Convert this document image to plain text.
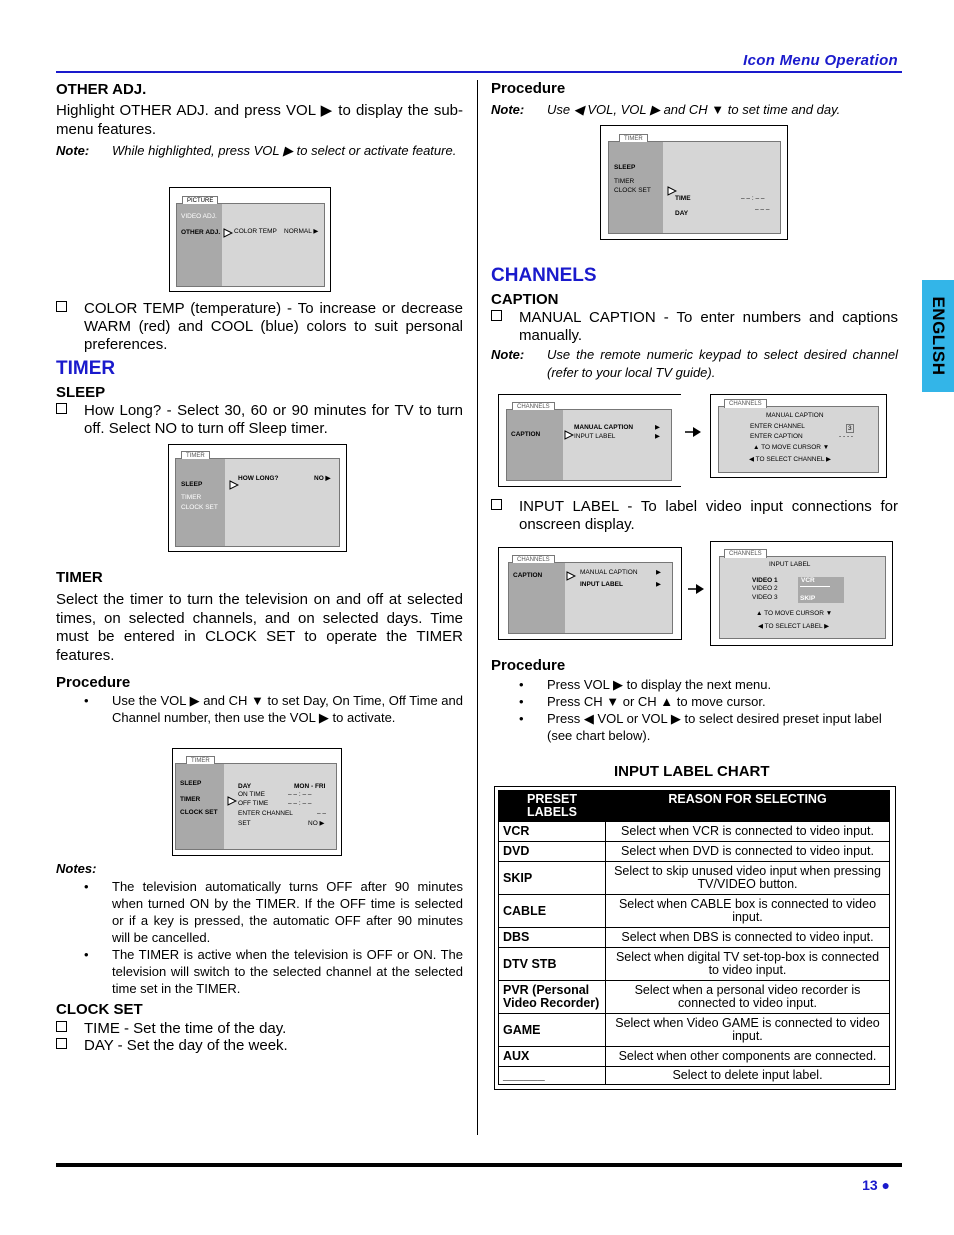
Icon Menu Operation
ENGLISH
OTHER ADJ.
Highlight OTHER ADJ. and press VOL ▶ to display the sub-menu features.
Note: While highlighted, press VOL ▶ to select or activate feature.
PICTURE
VIDEO ADJ.
OTHER ADJ. COLOR TEMP NORMAL ▶
COLOR TEMP (temperature) - To increase or decrease WARM (red) and COOL (blue) colors to suit personal preferences.
TIMER
SLEEP
How Long? - Select 30, 60 or 90 minutes for TV to turn off. Select NO to turn off Sleep timer.
TIMER
SLEEP
TIMER
CLOCK SET
HOW LONG?	NO ▶
TIMER
Select the timer to turn the television on and off at selected times, on selected channels, and on selected days. Time must be entered in CLOCK SET to operate the TIMER features.
Procedure
• Use the VOL ▶ and CH ▼ to set Day, On Time, Off Time and Channel number, then use the VOL ▶ to activate.
TIMER
SLEEP
TIMER
CLOCK SET
DAY	MON - FRI
ON TIME	– – : – –
OFF TIME	– – : – –
ENTER CHANNEL	– –
SET	NO ▶
Notes:
• The television automatically turns OFF after 90 minutes when turned ON by the TIMER. If the OFF time is selected or if a key is pressed, the automatic OFF after 90 minutes will be cancelled.
• The TIMER is active when the television is OFF or ON. The television will switch to the selected channel at the selected time set in the TIMER.
CLOCK SET
TIME - Set the time of the day.
DAY - Set the day of the week.
Procedure
Note: Use ◀ VOL, VOL ▶ and CH ▼ to set time and day.
TIMER
SLEEP
TIMER
CLOCK SET
TIME	– – : – –
DAY
– – –
CHANNELS
CAPTION
MANUAL CAPTION - To enter numbers and captions manually.
Note: Use the remote numeric keypad to select desired channel (refer to your local TV guide).
CHANNELS
CAPTION
MANUAL CAPTION
INPUT LABEL
▶
▶
CHANNELS
MANUAL CAPTION
ENTER CHANNEL	3
ENTER CAPTION	- - - -
▲ TO MOVE CURSOR ▼
◀ TO SELECT CHANNEL ▶
INPUT LABEL - To label video input connections for onscreen display.
CHANNELS
CAPTION	MANUAL CAPTION
INPUT LABEL
▶
▶
CHANNELS
INPUT LABEL
VIDEO 1
VIDEO 2
VIDEO 3
VCR
SKIP
▲ TO MOVE CURSOR ▼
◀ TO SELECT LABEL ▶
Procedure
• Press VOL ▶ to display the next menu.
• Press CH ▼ or CH ▲ to move cursor.
• Press ◀ VOL or VOL ▶ to select desired preset input label (see chart below).
INPUT LABEL CHART
PRESET LABELS	REASON FOR SELECTING
VCR	Select when VCR is connected to video input.
DVD	Select when DVD is connected to video input.
SKIP	Select to skip unused video input when pressing TV/VIDEO button.
CABLE	Select when CABLE box is connected to video input.
DBS	Select when DBS is connected to video input.
DTV STB	Select when digital TV set-top-box is connected to video input.
PVR (Personal Video Recorder)	Select when a personal video recorder is connected to video input.
GAME	Select when Video GAME is connected to video input.
AUX	Select when other components are connected.
______	Select to delete input label.
13 ●
